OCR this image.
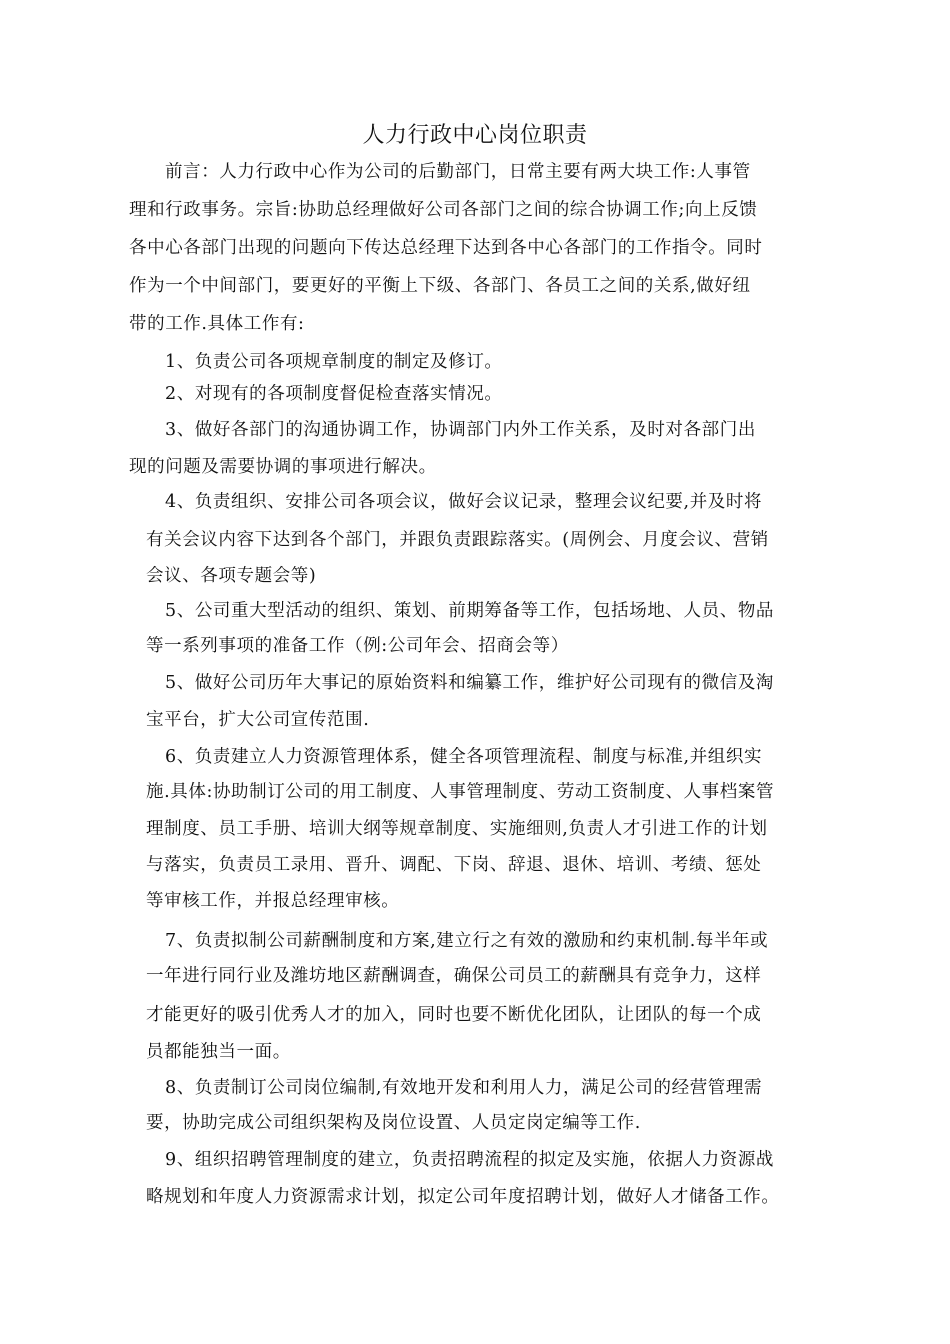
人力行政中心岗位职责
前言：人力行政中心作为公司的后勤部门，日常主要有两大块工作:人事管
理和行政事务。宗旨:协助总经理做好公司各部门之间的综合协调工作;向上反馈
各中心各部门出现的问题向下传达总经理下达到各中心各部门的工作指令。同时
作为一个中间部门，要更好的平衡上下级、各部门、各员工之间的关系,做好纽
带的工作.具体工作有:
1、负责公司各项规章制度的制定及修订。
2、对现有的各项制度督促检查落实情况。
3、做好各部门的沟通协调工作，协调部门内外工作关系，及时对各部门出
现的问题及需要协调的事项进行解决。
4、负责组织、安排公司各项会议，做好会议记录，整理会议纪要,并及时将
有关会议内容下达到各个部门，并跟负责跟踪落实。(周例会、月度会议、营销
会议、各项专题会等)
5、公司重大型活动的组织、策划、前期筹备等工作，包括场地、人员、物品
等一系列事项的准备工作（例:公司年会、招商会等）
5、做好公司历年大事记的原始资料和编纂工作，维护好公司现有的微信及淘
宝平台，扩大公司宣传范围.
6、负责建立人力资源管理体系，健全各项管理流程、制度与标准,并组织实
施.具体:协助制订公司的用工制度、人事管理制度、劳动工资制度、人事档案管
理制度、员工手册、培训大纲等规章制度、实施细则,负责人才引进工作的计划
与落实，负责员工录用、晋升、调配、下岗、辞退、退休、培训、考绩、惩处
等审核工作，并报总经理审核。
7、负责拟制公司薪酬制度和方案,建立行之有效的激励和约束机制.每半年或
一年进行同行业及潍坊地区薪酬调查，确保公司员工的薪酬具有竞争力，这样
才能更好的吸引优秀人才的加入，同时也要不断优化团队，让团队的每一个成
员都能独当一面。
8、负责制订公司岗位编制,有效地开发和利用人力，满足公司的经营管理需
要，协助完成公司组织架构及岗位设置、人员定岗定编等工作.
9、组织招聘管理制度的建立，负责招聘流程的拟定及实施，依据人力资源战
略规划和年度人力资源需求计划，拟定公司年度招聘计划，做好人才储备工作。
